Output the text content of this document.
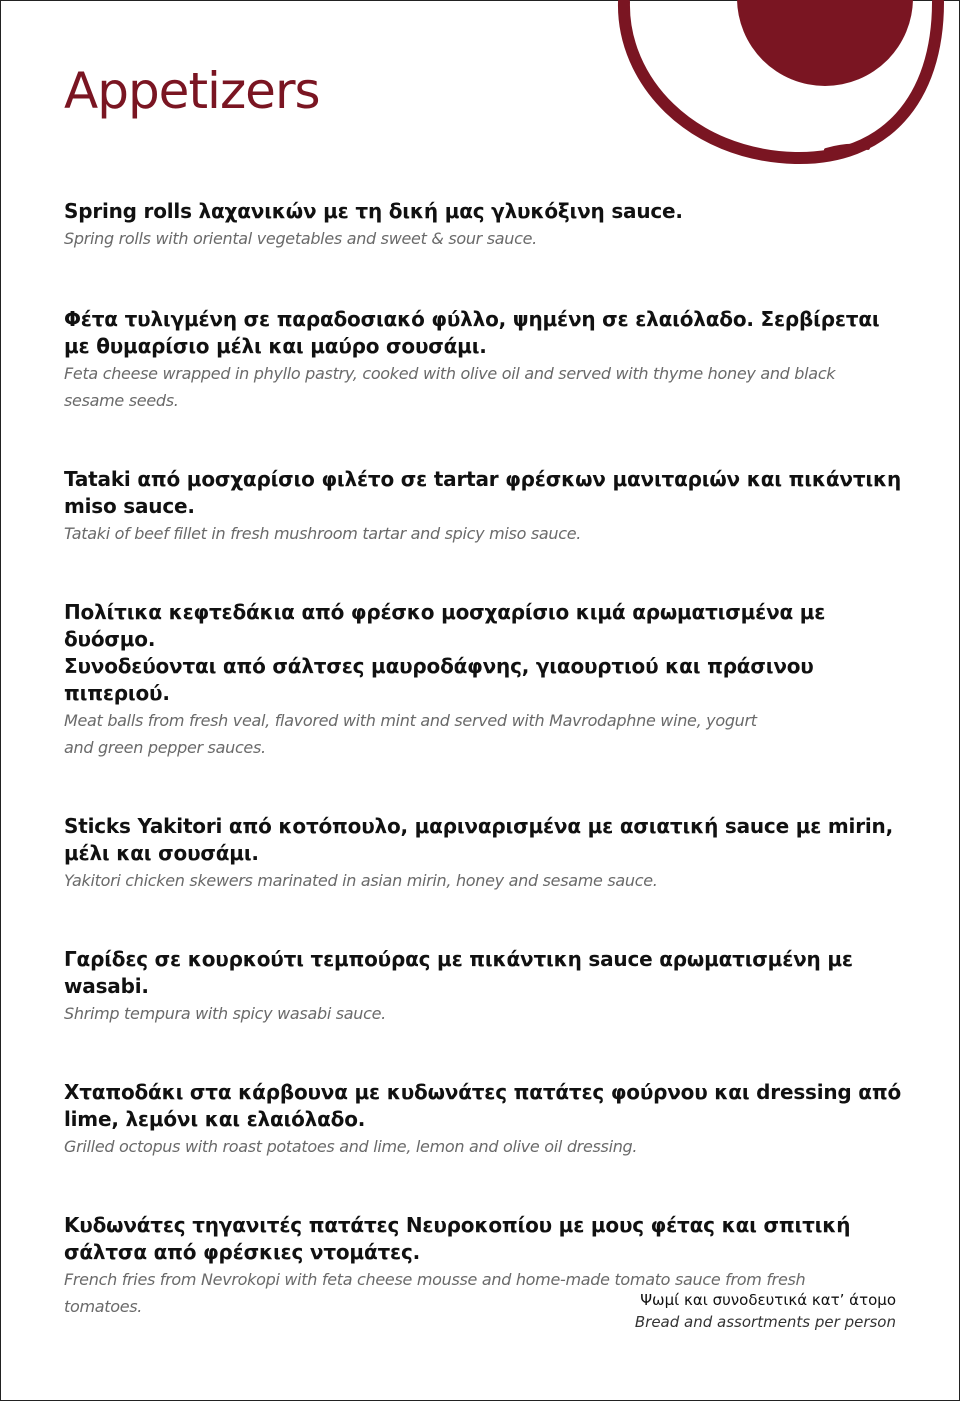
Appetizers
Spring rolls λαχανικών με τη δική μας γλυκόξινη sauce.
Spring rolls with oriental vegetables and sweet & sour sauce.
Φέτα τυλιγμένη σε παραδοσιακό φύλλο, ψημένη σε ελαιόλαδο. Σερβίρεται
με θυμαρίσιο μέλι και μαύρο σουσάμι.
Feta cheese wrapped in phyllo pastry, cooked with olive oil and served with thyme honey and black
sesame seeds.
Tataki από μοσχαρίσιο φιλέτο σε tartar φρέσκων μανιταριών και πικάντικη
miso sauce.
Tataki of beef fillet in fresh mushroom tartar and spicy miso sauce.
Πολίτικα κεφτεδάκια από φρέσκο μοσχαρίσιο κιμά αρωματισμένα με δυόσμο.
Συνοδεύονται από σάλτσες μαυροδάφνης, γιαουρτιού και πράσινου πιπεριού.
Meat balls from fresh veal, flavored with mint and served with Mavrodaphne wine, yogurt
and green pepper sauces.
Sticks Yakitori από κοτόπουλο, μαριναρισμένα με ασιατική sauce με mirin,
μέλι και σουσάμι.
Yakitori chicken skewers marinated in asian mirin, honey and sesame sauce.
Γαρίδες σε κουρκούτι τεμπούρας με πικάντικη sauce αρωματισμένη με wasabi.
Shrimp tempura with spicy wasabi sauce.
Χταποδάκι στα κάρβουνα με κυδωνάτες πατάτες φούρνου και dressing από
lime, λεμόνι και ελαιόλαδο.
Grilled octopus with roast potatoes and lime, lemon and olive oil dressing.
Κυδωνάτες τηγανιτές πατάτες Νευροκοπίου με μους φέτας και σπιτική
σάλτσα από φρέσκιες ντομάτες.
French fries from Nevrokopi with feta cheese mousse and home-made tomato sauce from fresh
tomatoes.	Ψωμί και συνοδευτικά κατ’ άτομο
Bread and assortments per person
